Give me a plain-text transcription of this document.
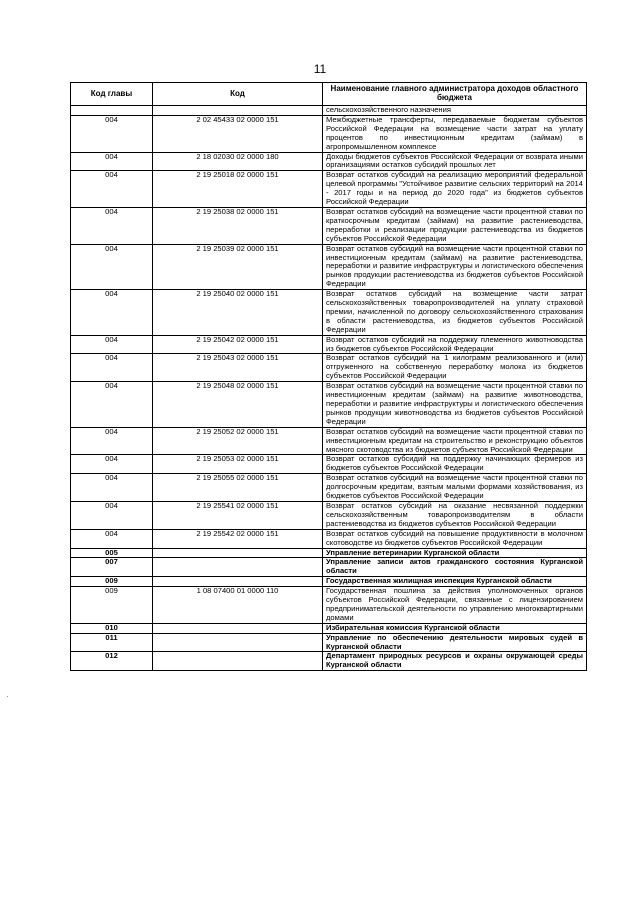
11
Код главы	Код	Наименование главного администратора доходов областного бюджета
		сельскохозяйственного назначения
004	2 02 45433 02 0000 151	Межбюджетные трансферты, передаваемые бюджетам субъектов Российской Федерации на возмещение части затрат на уплату процентов по инвестиционным кредитам (займам) в агропромышленном комплексе
004	2 18 02030 02 0000 180	Доходы бюджетов субъектов Российской Федерации от возврата иными организациями остатков субсидий прошлых лет
004	2 19 25018 02 0000 151	Возврат остатков субсидий на реализацию мероприятий федеральной целевой программы "Устойчивое развитие сельских территорий на 2014 - 2017 годы и на период до 2020 года" из бюджетов субъектов Российской Федерации
004	2 19 25038 02 0000 151	Возврат остатков субсидий на возмещение части процентной ставки по краткосрочным кредитам (займам) на развитие растениеводства, переработки и реализации продукции растениеводства из бюджетов субъектов Российской Федерации
004	2 19 25039 02 0000 151	Возврат остатков субсидий на возмещение части процентной ставки по инвестиционным кредитам (займам) на развитие растениеводства, переработки и развитие инфраструктуры и логистического обеспечения рынков продукции растениеводства из бюджетов субъектов Российской Федерации
004	2 19 25040 02 0000 151	Возврат остатков субсидий на возмещение части затрат сельскохозяйственных товаропроизводителей на уплату страховой премии, начисленной по договору сельскохозяйственного страхования в области растениеводства, из бюджетов субъектов Российской Федерации
004	2 19 25042 02 0000 151	Возврат остатков субсидий на поддержку племенного животноводства из бюджетов субъектов Российской Федерации
004	2 19 25043 02 0000 151	Возврат остатков субсидий на 1 килограмм реализованного и (или) отгруженного на собственную переработку молока из бюджетов субъектов Российской Федерации
004	2 19 25048 02 0000 151	Возврат остатков субсидий на возмещение части процентной ставки по инвестиционным кредитам (займам) на развитие животноводства, переработки и развитие инфраструктуры и логистического обеспечения рынков продукции животноводства из бюджетов субъектов Российской Федерации
004	2 19 25052 02 0000 151	Возврат остатков субсидий на возмещение части процентной ставки по инвестиционным кредитам на строительство и реконструкцию объектов мясного скотоводства из бюджетов субъектов Российской Федерации
004	2 19 25053 02 0000 151	Возврат остатков субсидий на поддержку начинающих фермеров из бюджетов субъектов Российской Федерации
004	2 19 25055 02 0000 151	Возврат остатков субсидий на возмещение части процентной ставки по долгосрочным кредитам, взятым малыми формами хозяйствования, из бюджетов субъектов Российской Федерации
004	2 19 25541 02 0000 151	Возврат остатков субсидий на оказание несвязанной поддержки сельскохозяйственным товаропроизводителям в области растениеводства из бюджетов субъектов Российской Федерации
004	2 19 25542 02 0000 151	Возврат остатков субсидий на повышение продуктивности в молочном скотоводстве из бюджетов субъектов Российской Федерации
005		Управление ветеринарии Курганской области
007		Управление записи актов гражданского состояния Курганской области
009		Государственная жилищная инспекция Курганской области
009	1 08 07400 01 0000 110	Государственная пошлина за действия уполномоченных органов субъектов Российской Федерации, связанные с лицензированием предпринимательской деятельности по управлению многоквартирными домами
010		Избирательная комиссия Курганской области
011		Управление по обеспечению деятельности мировых судей в Курганской области
012		Департамент природных ресурсов и охраны окружающей среды Курганской области
·
